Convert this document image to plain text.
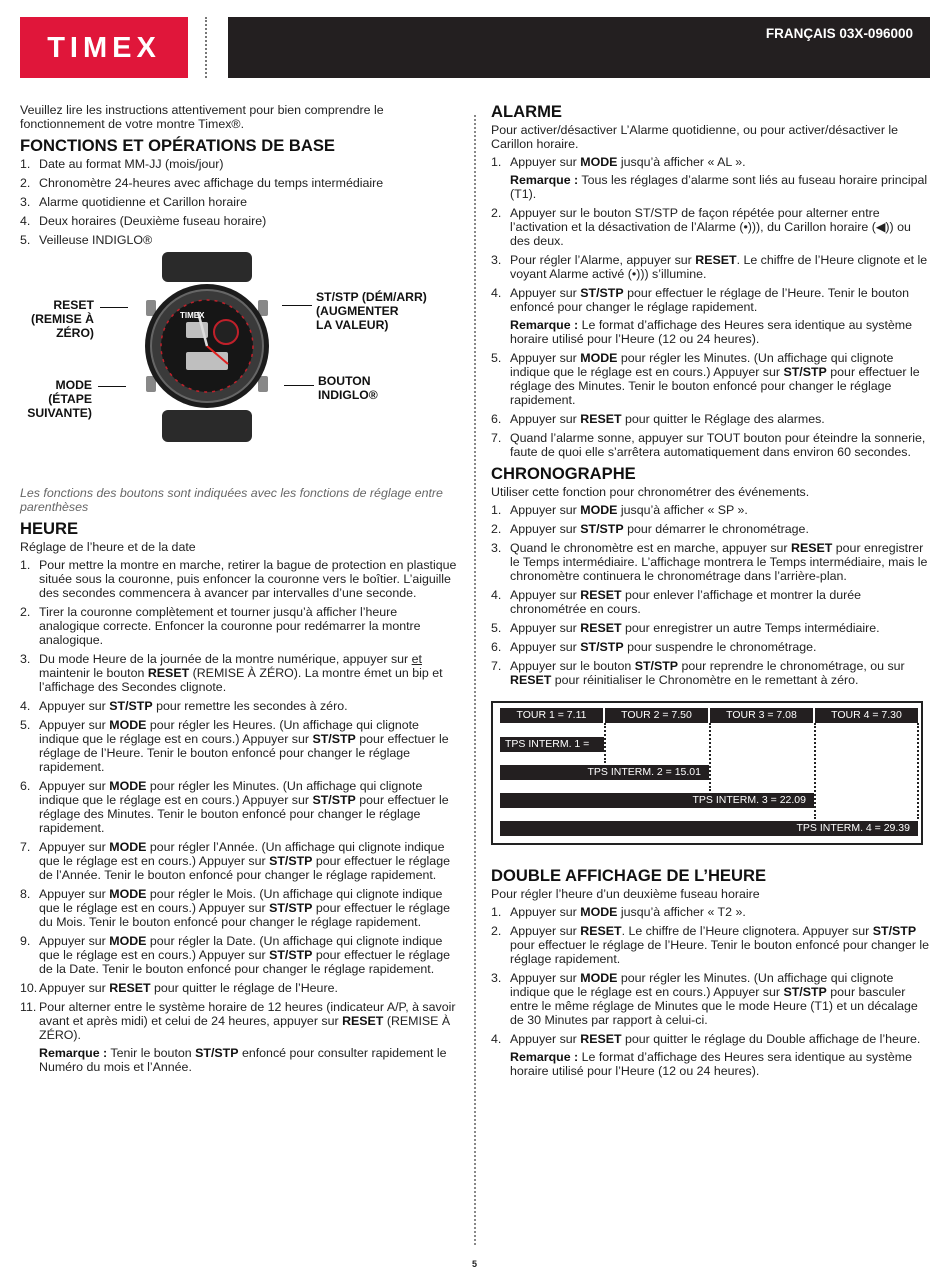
TIMEX	FRANÇAIS 03X-096000

Veuillez lire les instructions attentivement pour bien comprendre le fonctionnement de votre montre Timex®.

FONCTIONS ET OPÉRATIONS DE BASE
1. Date au format MM-JJ (mois/jour)
2. Chronomètre 24-heures avec affichage du temps intermédiaire
3. Alarme quotidienne et Carillon horaire
4. Deux horaires (Deuxième fuseau horaire)
5. Veilleuse INDIGLO®
RESET
(REMISE À
ZÉRO)
MODE
(ÉTAPE
SUIVANTE)
ST/STP (DÉM/ARR)
(AUGMENTER
LA VALEUR)
BOUTON
INDIGLO®
TIMEX

Les fonctions des boutons sont indiquées avec les fonctions de réglage entre parenthèses

HEURE

Réglage de l’heure et de la date

1. Pour mettre la montre en marche, retirer la bague de protection en plastique située sous la couronne, puis enfoncer la couronne vers le boîtier. L’aiguille des secondes commencera à avancer par intervalles d’une seconde.
2. Tirer la couronne complètement et tourner jusqu’à afficher l’heure analogique correcte. Enfoncer la couronne pour redémarrer la montre analogique.
3. Du mode Heure de la journée de la montre numérique, appuyer sur et maintenir le bouton RESET (REMISE À ZÉRO). La montre émet un bip et l’affichage des Secondes clignote.
4. Appuyer sur ST/STP pour remettre les secondes à zéro.
5. Appuyer sur MODE pour régler les Heures. (Un affichage qui clignote indique que le réglage est en cours.) Appuyer sur ST/STP pour effectuer le réglage de l’Heure. Tenir le bouton enfoncé pour changer le réglage rapidement.
6. Appuyer sur MODE pour régler les Minutes. (Un affichage qui clignote indique que le réglage est en cours.) Appuyer sur ST/STP pour effectuer le réglage des Minutes. Tenir le bouton enfoncé pour changer le réglage rapidement.
7. Appuyer sur MODE pour régler l’Année. (Un affichage qui clignote indique que le réglage est en cours.) Appuyer sur ST/STP pour effectuer le réglage de l’Année. Tenir le bouton enfoncé pour changer le réglage rapidement.
8. Appuyer sur MODE pour régler le Mois. (Un affichage qui clignote indique que le réglage est en cours.) Appuyer sur ST/STP pour effectuer le réglage du Mois. Tenir le bouton enfoncé pour changer le réglage rapidement.
9. Appuyer sur MODE pour régler la Date. (Un affichage qui clignote indique que le réglage est en cours.) Appuyer sur ST/STP pour effectuer le réglage de la Date. Tenir le bouton enfoncé pour changer le réglage rapidement.
10. Appuyer sur RESET pour quitter le réglage de l’Heure.
11. Pour alterner entre le système horaire de 12 heures (indicateur A/P, à savoir avant et après midi) et celui de 24 heures, appuyer sur RESET (REMISE À ZÉRO).
Remarque : Tenir le bouton ST/STP enfoncé pour consulter rapidement le Numéro du mois et l’Année.
ALARME

Pour activer/désactiver L’Alarme quotidienne, ou pour activer/désactiver le Carillon horaire.

1. Appuyer sur MODE jusqu’à afficher « AL ».
Remarque : Tous les réglages d’alarme sont liés au fuseau horaire principal (T1).
2. Appuyer sur le bouton ST/STP de façon répétée pour alterner entre l’activation et la désactivation de l’Alarme (•))), du Carillon horaire (◀)) ou des deux.
3. Pour régler l’Alarme, appuyer sur RESET. Le chiffre de l’Heure clignote et le voyant Alarme activé (•))) s’illumine.
4. Appuyer sur ST/STP pour effectuer le réglage de l’Heure. Tenir le bouton enfoncé pour changer le réglage rapidement.
Remarque : Le format d’affichage des Heures sera identique au système horaire utilisé pour l’Heure (12 ou 24 heures).
5. Appuyer sur MODE pour régler les Minutes. (Un affichage qui clignote indique que le réglage est en cours.) Appuyer sur ST/STP pour effectuer le réglage des Minutes. Tenir le bouton enfoncé pour changer le réglage rapidement.
6. Appuyer sur RESET pour quitter le Réglage des alarmes.
7. Quand l’alarme sonne, appuyer sur TOUT bouton pour éteindre la sonnerie, faute de quoi elle s’arrêtera automatiquement dans environ 60 secondes.
CHRONOGRAPHE

Utiliser cette fonction pour chronométrer des événements.

1. Appuyer sur MODE jusqu’à afficher « SP ».
2. Appuyer sur ST/STP pour démarrer le chronométrage.
3. Quand le chronomètre est en marche, appuyer sur RESET pour enregistrer le Temps intermédiaire. L’affichage montrera le Temps intermédiaire, mais le chronomètre continuera le chronométrage dans l’arrière-plan.
4. Appuyer sur RESET pour enlever l’affichage et montrer la durée chronométrée en cours.
5. Appuyer sur RESET pour enregistrer un autre Temps intermédiaire.
6. Appuyer sur ST/STP pour suspendre le chronométrage.
7. Appuyer sur le bouton ST/STP pour reprendre le chronométrage, ou sur RESET pour réinitialiser le Chronomètre en le remettant à zéro.
TOUR 1 = 7.11	TOUR 2 = 7.50	TOUR 3 = 7.08	TOUR 4 = 7.30
TPS INTERM. 1 = 7.11
TPS INTERM. 2 = 15.01
TPS INTERM. 3 = 22.09
TPS INTERM. 4 = 29.39
DOUBLE AFFICHAGE DE L’HEURE

Pour régler l’heure d’un deuxième fuseau horaire

1. Appuyer sur MODE jusqu’à afficher « T2 ».
2. Appuyer sur RESET. Le chiffre de l’Heure clignotera. Appuyer sur ST/STP pour effectuer le réglage de l’Heure. Tenir le bouton enfoncé pour changer le réglage rapidement.
3. Appuyer sur MODE pour régler les Minutes. (Un affichage qui clignote indique que le réglage est en cours.) Appuyer sur ST/STP pour basculer entre le même réglage de Minutes que le mode Heure (T1) et un décalage de 30 Minutes par rapport à celui-ci.
4. Appuyer sur RESET pour quitter le réglage du Double affichage de l’heure.
Remarque : Le format d’affichage des Heures sera identique au système horaire utilisé pour l’Heure (12 ou 24 heures).
5
